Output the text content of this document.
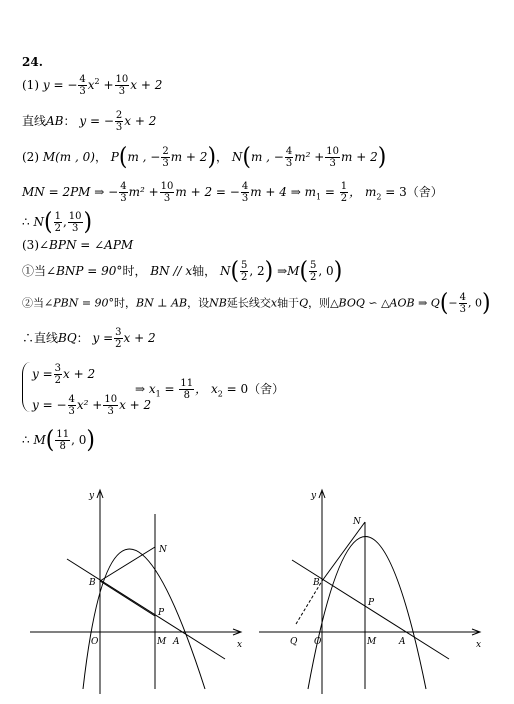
24.
(1) y = − $\frac{4}{3} x^2 + \frac{10}{3}$ x + 2
直线AB： y = − $\frac{2}{3}$ x + 2
(2) M(m , 0)， P(m , − $\frac{2}{3}$ m + 2)， N(m , − $\frac{4}{3} m^2 + \frac{10}{3}$ m + 2)
MN = 2PM ⇒ − $\frac{4}{3} m^2 + \frac{10}{3}$ m + 2 = − $\frac{4}{3}$ m + 4 ⇒ $m_1 = \frac{1}{2}$ ， $m_2 = 3$（舍）
∴ $N( \frac{1}{2}$ , $\frac{10}{3}$ )
(3)∠BPN = ∠APM
①当∠BNP = 90°时， BN // x轴， $N( \frac{5}{2}$ , 2) ⇒M( $\frac{5}{2}$ , 0)
②当∠PBN = 90°时，BN ⊥ AB，设NB延长线交x轴于Q，则△BOQ ∽ △AOB ⇒ $Q(- \frac{4}{3}$ , 0)
∴直线BQ： $y = \frac{3}{2}$ x + 2
$y = \frac{3}{2}$ x + 2
y = − $\frac{4}{3} x^2 + \frac{10}{3}$ x + 2
⇒ $x_1 = \frac{11}{8}$ ， $x_2 = 0$（舍）
∴ $M( \frac{11}{8}$ , 0)
y
x
O	M A
B
N
P
y
x
O	M	A
B
N
P
Q
